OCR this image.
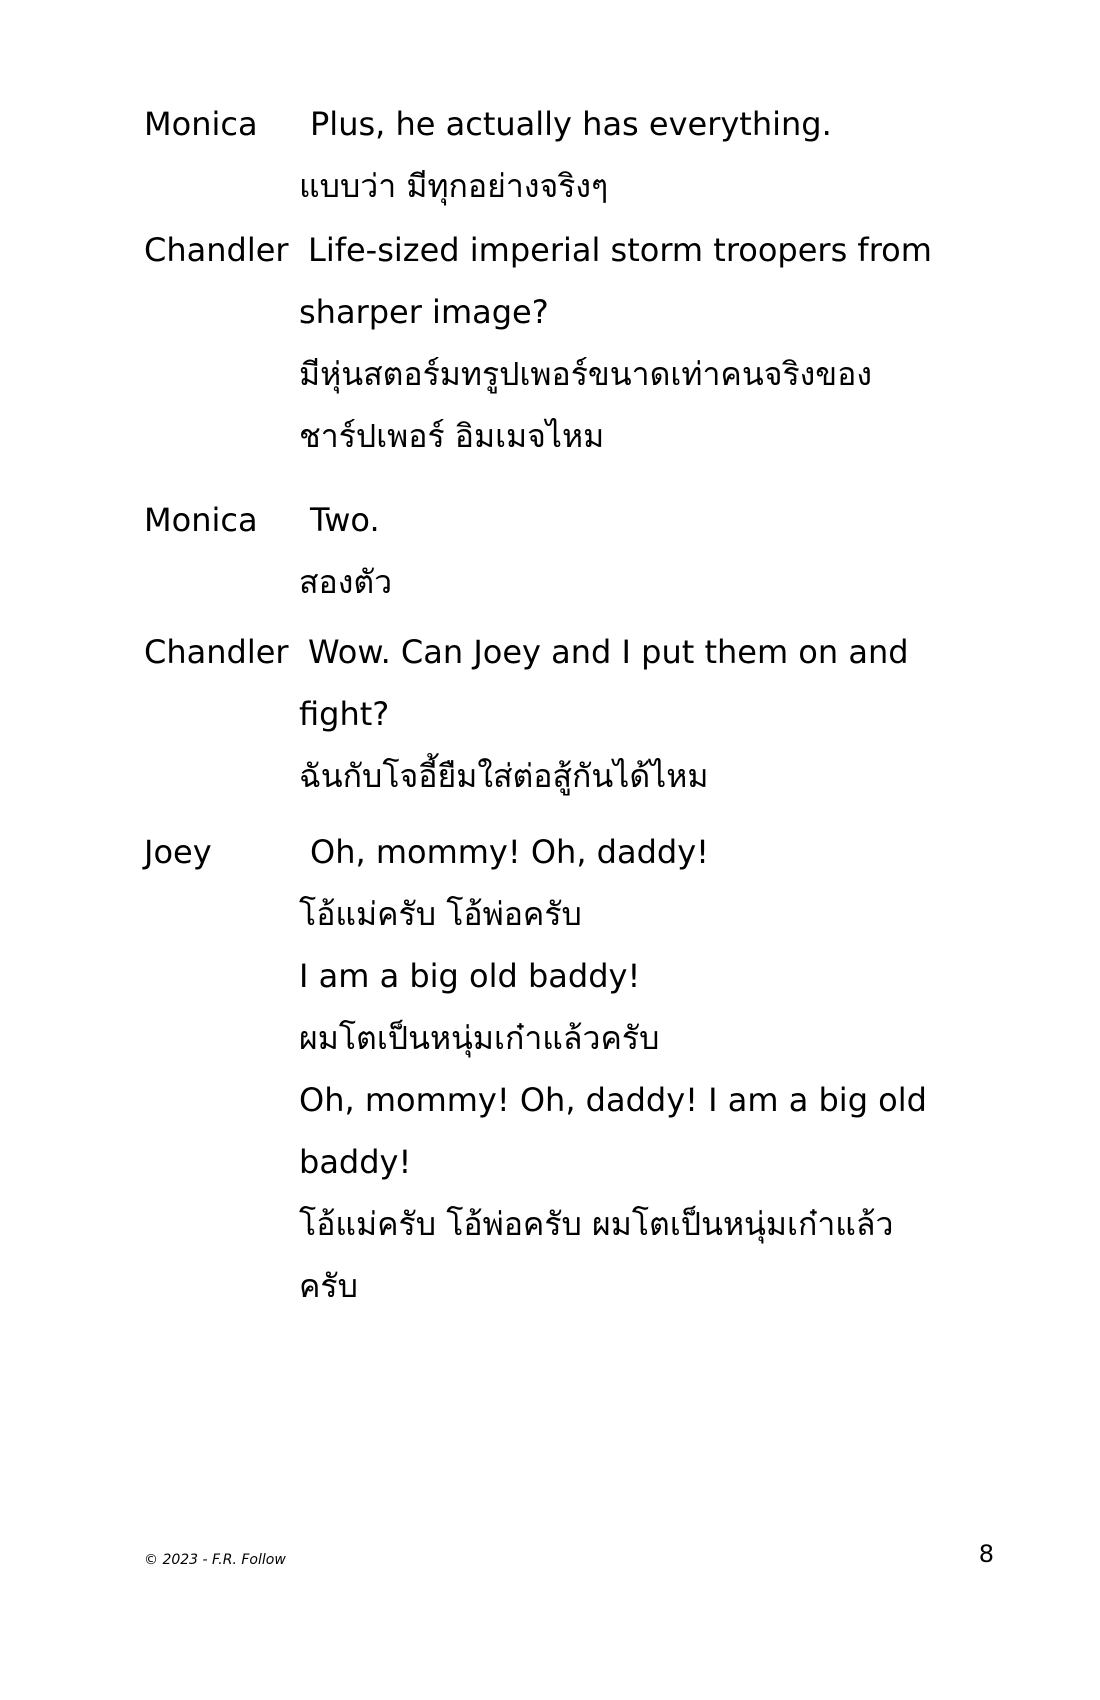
Monica Plus, he actually has everything.
แบบว่า มีทุกอย่างจริงๆ
Chandler Life-sized imperial storm troopers from
sharper image?
มีหุ่นสตอร์มทรูปเพอร์ขนาดเท่าคนจริงของ
ชาร์ปเพอร์ อิมเมจไหม
Monica Two.
สองตัว
Chandler Wow. Can Joey and I put them on and
fight?
ฉันกับโจอี้ยืมใส่ต่อสู้กันได้ไหม
Joey	Oh, mommy! Oh, daddy!
โอ้แม่ครับ โอ้พ่อครับ
I am a big old baddy!
ผมโตเป็นหนุ่มเก๋าแล้วครับ
Oh, mommy! Oh, daddy! I am a big old
baddy!
โอ้แม่ครับ โอ้พ่อครับ ผมโตเป็นหนุ่มเก๋าแล้ว
ครับ
© 2023 - F.R. Follow	8
